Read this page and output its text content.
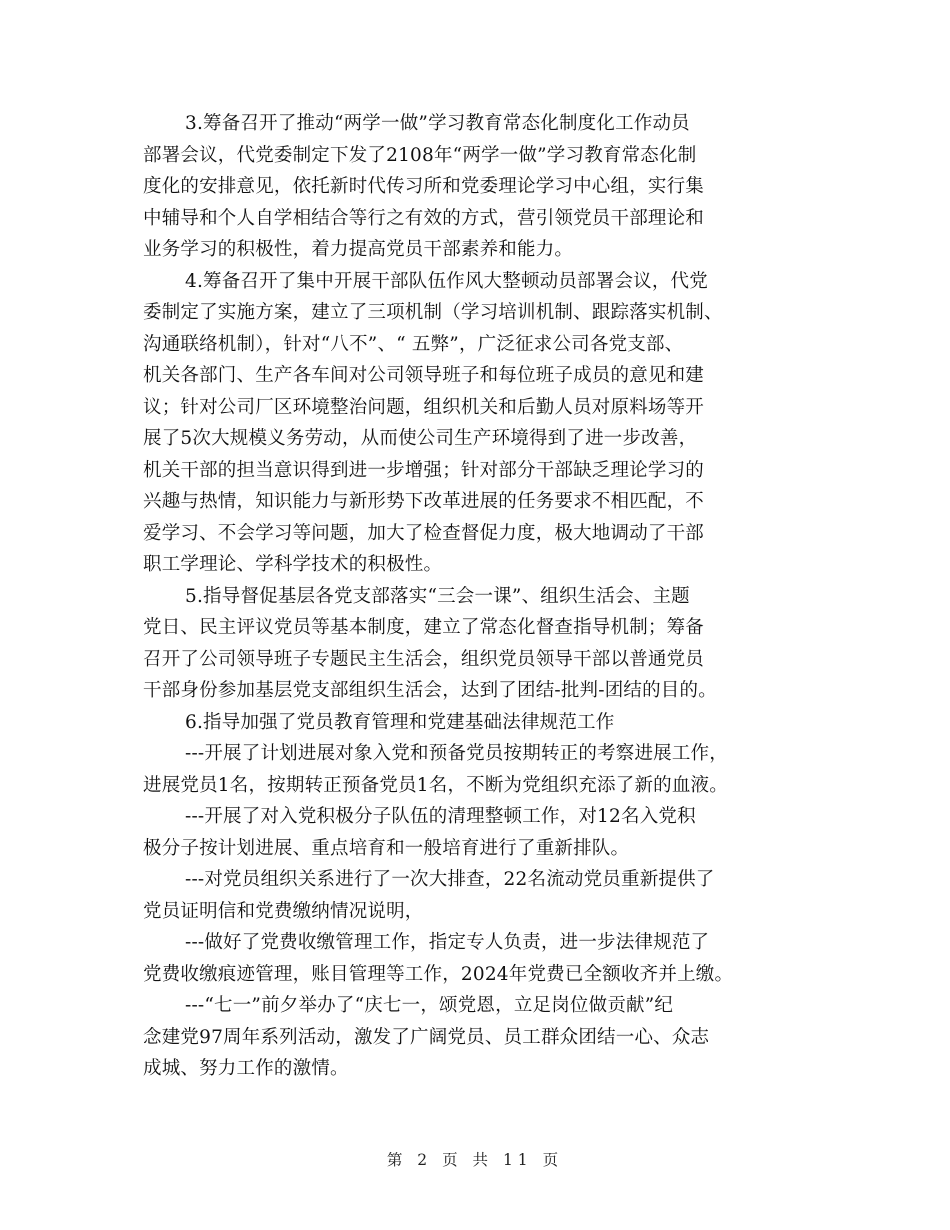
3.筹备召开了推动“两学一做”学习教育常态化制度化工作动员
部署会议，代党委制定下发了2108年“两学一做”学习教育常态化制
度化的安排意见，依托新时代传习所和党委理论学习中心组，实行集
中辅导和个人自学相结合等行之有效的方式，营引领党员干部理论和
业务学习的积极性，着力提高党员干部素养和能力。
4.筹备召开了集中开展干部队伍作风大整顿动员部署会议，代党
委制定了实施方案，建立了三项机制（学习培训机制、跟踪落实机制、
沟通联络机制），针对“八不”、“ 五弊”，广泛征求公司各党支部、
机关各部门、生产各车间对公司领导班子和每位班子成员的意见和建
议；针对公司厂区环境整治问题，组织机关和后勤人员对原料场等开
展了5次大规模义务劳动，从而使公司生产环境得到了进一步改善，
机关干部的担当意识得到进一步增强；针对部分干部缺乏理论学习的
兴趣与热情，知识能力与新形势下改革进展的任务要求不相匹配，不
爱学习、不会学习等问题，加大了检查督促力度，极大地调动了干部
职工学理论、学科学技术的积极性。
5.指导督促基层各党支部落实“三会一课”、组织生活会、主题
党日、民主评议党员等基本制度，建立了常态化督查指导机制；筹备
召开了公司领导班子专题民主生活会，组织党员领导干部以普通党员
干部身份参加基层党支部组织生活会，达到了团结-批判-团结的目的。
6.指导加强了党员教育管理和党建基础法律规范工作
---开展了计划进展对象入党和预备党员按期转正的考察进展工作，
进展党员1名，按期转正预备党员1名，不断为党组织充添了新的血液。
---开展了对入党积极分子队伍的清理整顿工作，对12名入党积
极分子按计划进展、重点培育和一般培育进行了重新排队。
---对党员组织关系进行了一次大排查，22名流动党员重新提供了
党员证明信和党费缴纳情况说明，
---做好了党费收缴管理工作，指定专人负责，进一步法律规范了
党费收缴痕迹管理，账目管理等工作，2024年党费已全额收齐并上缴。
---“七一”前夕举办了“庆七一，颂党恩，立足岗位做贡献”纪
念建党97周年系列活动，激发了广阔党员、员工群众团结一心、众志
成城、努力工作的激情。
第 2 页 共 11 页
